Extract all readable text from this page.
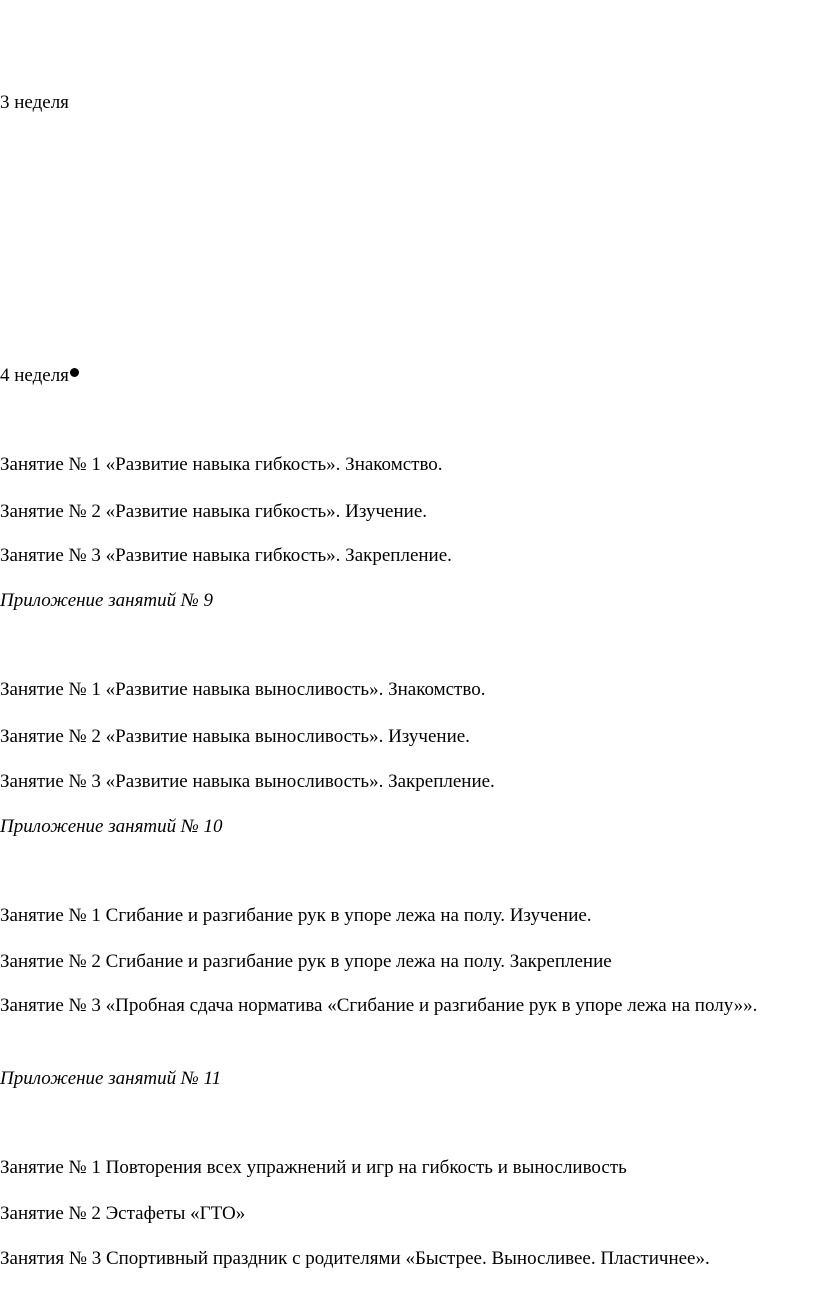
3 неделя
4 неделя
Занятие № 1 «Развитие навыка гибкость». Знакомство.
Занятие № 2 «Развитие навыка гибкость». Изучение.
Занятие № 3 «Развитие навыка гибкость». Закрепление.
Приложение занятий № 9
Занятие № 1 «Развитие навыка выносливость». Знакомство.
Занятие № 2 «Развитие навыка выносливость». Изучение.
Занятие № 3 «Развитие навыка выносливость». Закрепление.
Приложение занятий № 10
Занятие № 1 Сгибание и разгибание рук в упоре лежа на полу. Изучение.
Занятие № 2 Сгибание и разгибание рук в упоре лежа на полу. Закрепление
Занятие № 3 «Пробная сдача норматива «Сгибание и разгибание рук в упоре лежа на полу»».
Приложение занятий № 11
Занятие № 1 Повторения всех упражнений и игр на гибкость и выносливость
Занятие № 2 Эстафеты «ГТО»
Занятия № 3 Спортивный праздник с родителями «Быстрее. Выносливее. Пластичнее».
